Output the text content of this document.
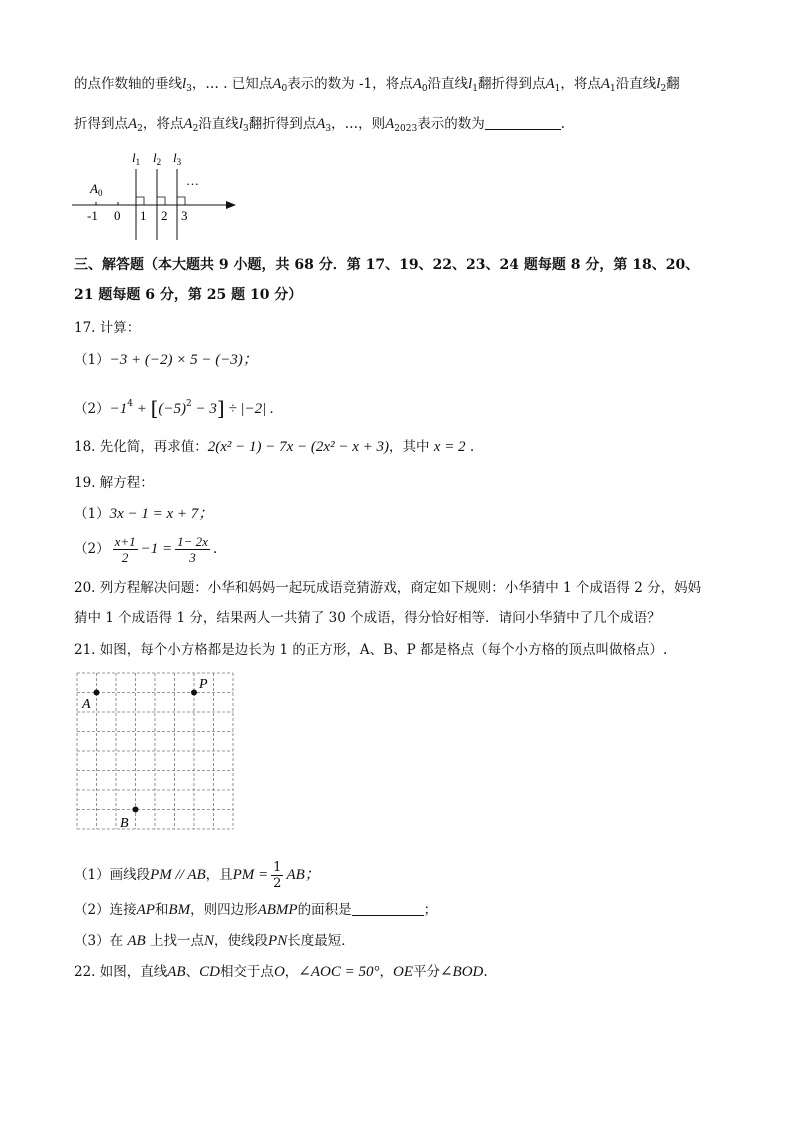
的点作数轴的垂线$l_3$，… . 已知点$A_0$表示的数为 -1，将点$A_0$沿直线$l_1$翻折得到点$A_1$，将点$A_1$沿直线$l_2$翻
折得到点$A_2$，将点$A_2$沿直线$l_3$翻折得到点$A_3$，…，则$A_{2023}$表示的数为	.
$l_1$ $l_2$ $l_3$
…
$A_0$
-1 0 1 2 3
三、解答题（本大题共 9 小题，共 68 分．第 17、19、22、23、24 题每题 8 分，第 18、20、
21 题每题 6 分，第 25 题 10 分）
17. 计算：
（1）−3 + (−2) × 5 − (−3)；
$(2)-1^4 + [(-5)^2 - 3] \div |-2|$ .
18. 先化简，再求值：2(x² − 1) − 7x − (2x² − x + 3)，其中 x = 2 .
19. 解方程：
（1）3x − 1 = x + 7；
$(2) \frac{x+1}{2} -1 = \frac{1- 2x}{3}$ .
20. 列方程解决问题：小华和妈妈一起玩成语竞猜游戏，商定如下规则：小华猜中 1 个成语得 2 分，妈妈
猜中 1 个成语得 1 分，结果两人一共猜了 30 个成语，得分恰好相等．请问小华猜中了几个成语？
21. 如图，每个小方格都是边长为 1 的正方形，A、B、P 都是格点（每个小方格的顶点叫做格点）.
A
P
B
（1）画线段PM // AB，且PM = $\frac{1}{2}$ AB；
（2）连接AP和BM，则四边形ABMP的面积是	；
（3）在 AB 上找一点N，使线段PN长度最短．
22. 如图，直线AB、CD相交于点O，∠AOC = 50°，OE平分∠BOD.
